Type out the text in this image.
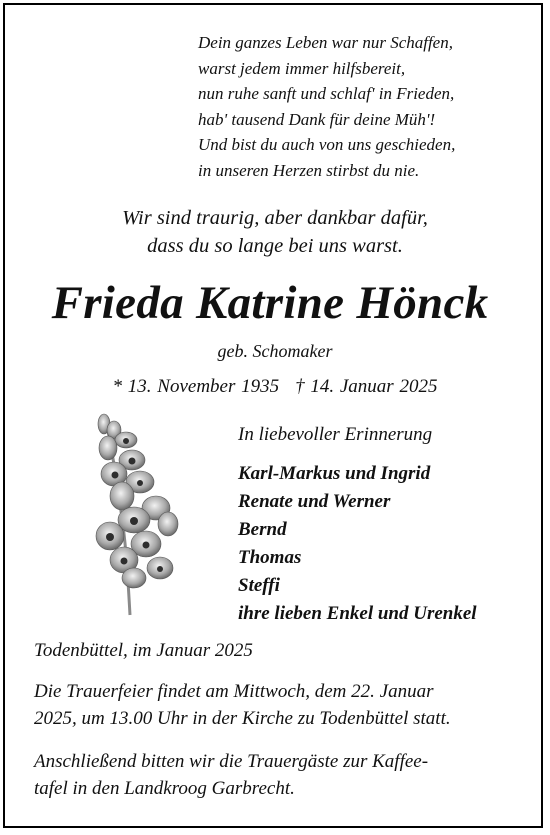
Dein ganzes Leben war nur Schaffen,
warst jedem immer hilfsbereit,
nun ruhe sanft und schlaf' in Frieden,
hab' tausend Dank für deine Müh'!
Und bist du auch von uns geschieden,
in unseren Herzen stirbst du nie.
Wir sind traurig, aber dankbar dafür,
dass du so lange bei uns warst.
Frieda Katrine Hönck
geb. Schomaker
* 13. November 1935 † 14. Januar 2025
In liebevoller Erinnerung
Karl-Markus und Ingrid
Renate und Werner
Bernd
Thomas
Steffi
ihre lieben Enkel und Urenkel
Todenbüttel, im Januar 2025
Die Trauerfeier findet am Mittwoch, dem 22. Januar
2025, um 13.00 Uhr in der Kirche zu Todenbüttel statt.
Anschließend bitten wir die Trauergäste zur Kaffee-
tafel in den Landkroog Garbrecht.
